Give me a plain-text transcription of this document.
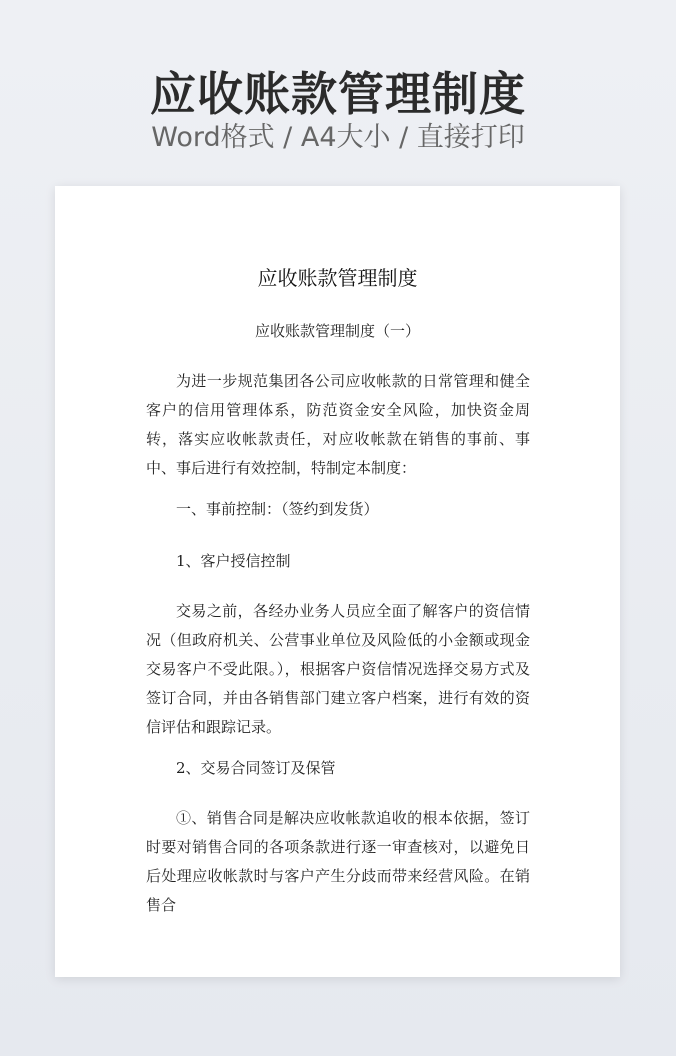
应收账款管理制度
Word格式 / A4大小 / 直接打印
应收账款管理制度
应收账款管理制度（一）

为进一步规范集团各公司应收帐款的日常管理和健全客户的信用管理体系，防范资金安全风险，加快资金周转，落实应收帐款责任，对应收帐款在销售的事前、事中、事后进行有效控制，特制定本制度：

一、事前控制：（签约到发货）

1、客户授信控制

交易之前，各经办业务人员应全面了解客户的资信情况（但政府机关、公营事业单位及风险低的小金额或现金交易客户不受此限。），根据客户资信情况选择交易方式及签订合同，并由各销售部门建立客户档案，进行有效的资信评估和跟踪记录。

2、交易合同签订及保管

①、销售合同是解决应收帐款追收的根本依据，签订时要对销售合同的各项条款进行逐一审查核对，以避免日后处理应收帐款时与客户产生分歧而带来经营风险。在销售合
